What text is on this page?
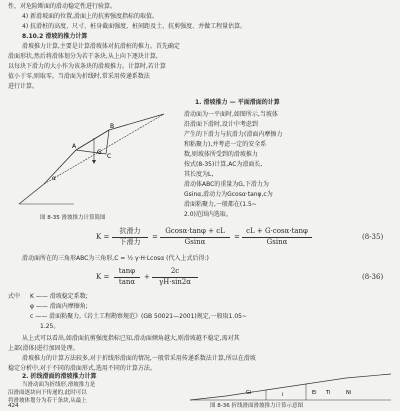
性、对危险断面的滑动稳定性进行验算。
4) 新滑坡面的位置,滑面上的抗剪强度指标的取值。
4) 抗滑桩的高度、尺寸、桩身截面强度、桩间距及土、抗剪强度、并做工程量估算。
8.10.2 滑坡的推力计算
滑坡推力计算,主要是计算滑坡体对抗滑桩的推力。首先确定
滑面形状,然后将滑体划分为若干条块,从上向下逐块计算,
以每块下滑力的大小作为该条块的滑坡推力。计算时,若计算
值小于零,则取零。当滑面为折线时,常采用传递系数法
进行计算。
A
B
C
G
α
图 8-35 滑坡推力计算简图
1. 滑坡推力 — 平面滑面的计算
滑动面为一平面时,如图所示,当坡体
沿滑面下滑时,设计中考虑到
产生的下滑力与抗滑力(滑面内摩擦力
和粘聚力),并考虑一定的安全系
数,则坡体所受到的滑坡推力
按式(8-35)计算,AC为滑面长,
其长度为L,
滑动体ABC的重量为G,下滑力为
Gsinα,滑动力为Gcosα·tanφ,c为
滑面粘聚力,一般都在(1.5~
2.0)范围内选取。
K =
抗滑力
下滑力
=
Gcosα·tanφ + cL
Gsinα
=
cL + G·cosα·tanφ
Gsinα
(8-35)
滑动面所在的三角形ABC为三角形,C = ½ γ·H·Lcosα (代入上式后得:)
K =
tanφ
tanα
+
2c
γH·sin2α
(8-36)
式中 K —— 滑坡稳定系数;
φ —— 滑面内摩擦角;
c —— 滑面粘聚力,《岩土工程勘察规范》(GB 50021—2001)规定,一般取1.05~
1.25。
从上式可以看出,如滑面抗剪强度指标已知,滑动面倾角越大,则滑坡越不稳定,需对其
上部(滑体)进行加固处理。
滑坡推力的计算方法较多,对于折线形滑面的情况,一般常采用传递系数法计算,所以在滑坡
稳定分析中,对于不同的滑面形式,选用不同的计算方法。
2. 折线滑面的滑坡推力计算
当滑动面为折线形,滑坡推力是
沿滑面逐块向下传递的,此时可以
将滑坡体划分为若干条块,从最上
i	Ei
Gi	Ti	Ni
图 8-36 折线滑面滑坡推力计算示意图
424
